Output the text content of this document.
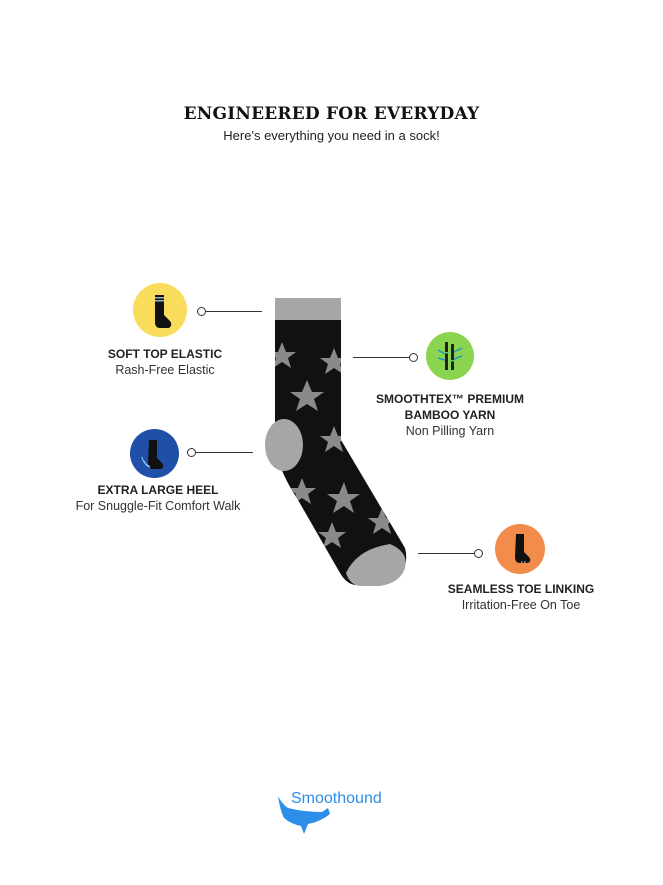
ENGINEERED FOR EVERYDAY
Here's everything you need in a sock!
SOFT TOP ELASTIC
Rash-Free Elastic
SMOOTHTEX™ PREMIUM
BAMBOO YARN
Non Pilling Yarn
EXTRA LARGE HEEL
For Snuggle-Fit Comfort Walk
SEAMLESS TOE LINKING
Irritation-Free On Toe
Smoothound
